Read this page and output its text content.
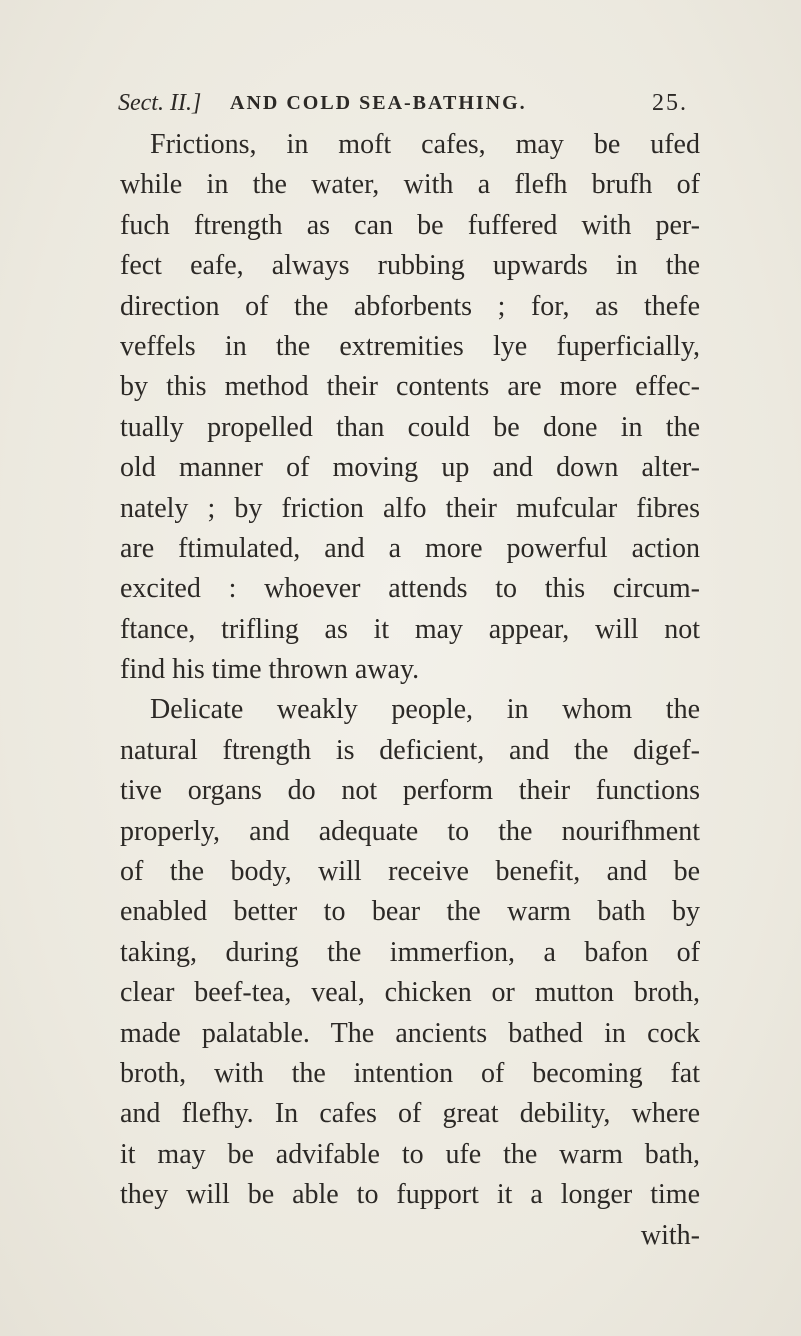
Sect. II.] AND COLD SEA-BATHING.	25.
Frictions, in moft cafes, may be ufed
while in the water, with a flefh brufh of
fuch ftrength as can be fuffered with per-
fect eafe, always rubbing upwards in the
direction of the abforbents ; for, as thefe
veffels in the extremities lye fuperficially,
by this method their contents are more effec-
tually propelled than could be done in the
old manner of moving up and down alter-
nately ; by friction alfo their mufcular fibres
are ftimulated, and a more powerful action
excited : whoever attends to this circum-
ftance, trifling as it may appear, will not
find his time thrown away.
Delicate weakly people, in whom the
natural ftrength is deficient, and the digef-
tive organs do not perform their functions
properly, and adequate to the nourifhment
of the body, will receive benefit, and be
enabled better to bear the warm bath by
taking, during the immerfion, a bafon of
clear beef-tea, veal, chicken or mutton broth,
made palatable. The ancients bathed in cock
broth, with the intention of becoming fat
and flefhy. In cafes of great debility, where
it may be advifable to ufe the warm bath,
they will be able to fupport it a longer time
with-
